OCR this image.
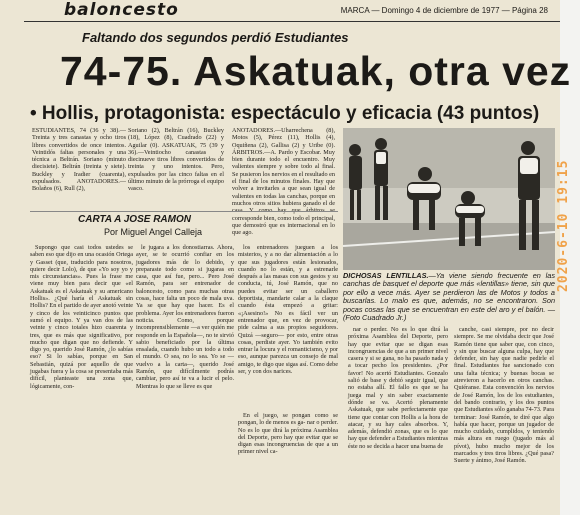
2020-6-10 19:15
baloncesto	MARCA — Domingo 4 de diciembre de 1977 — Página 28
Faltando dos segundos perdió Estudiantes
74-75. Askatuak, otra vez
• Hollis, protagonista: espectáculo y eficacia (43 puntos)

ESTUDIANTES, 74 (36 y 38).—Treinta y tres canastas y ocho tiros libres convertidos de once intentos. Veintidós faltas personales y una técnica a Beltrán. Soriano (minuto diecisiete). Beltrán (treinta y siete). Buckley y Iradier (cuarenta), expulsados. ANOTADORES.—Bolaños (6), Rull (2),

Soriano (2), Beltrán (16), Buckley (18), López (8), Cuadrado (22) y Aguilar (0). ASKATUAK, 75 (39 y 36).—Veintiocho canastas y diecinueve tiros libres convertidos de treinta y uno intentos. Pero, expulsados por las cinco faltas en el último minuto de la prórroga el equipo vasco.

ANOTADORES.—Uharrechena (8), Motos (5), Pérez (11), Hollis (4), Oquiñena (2), Gallisa (2) y Uribe (0). ÁRBITROS.—A. Pardo y Escobar. Muy bien durante todo el encuentro. Muy valientes siempre y sobre todo al final. Se pusieron los nervios en el resultado en el final de los minutos finales. Hay que volver a invitarles a que sean igual de valientes en todas las canchas, porque en muchos otros sitios hubiera ganado el de corresponde bien, como todo el principal, que demostró que es internacional en lo que ago.

DICHOSAS LENTILLAS.—Ya viene siendo frecuente en las canchas de basquet el deporte que más «lentillas» tiene, sin que por ello a vece más. Ayer se perdieron las de Motos y todos a buscarlas. Lo malo es que, además, no se encontraron. Son pocas cosas las que se encuentran en este del aro y el balón. — (Foto Cuadrado Jr.)
CARTA A JOSE RAMON
Por Miguel Angel Calleja

Supongo que casi todos ustedes se saben eso que dijo en una ocasión Ortega y Gasset (que, traducido para nosotros, quiere decir Lolo), de que «Yo soy yo y mis circunstancias». Pues la frase me viene muy bien para decir que «el Askatuak es el Askatuak y su americano Hollis». ¿Qué haría el Askatuak sin Hollis? En el partido de ayer anotó veinte y cinco de los veinticinco puntos que sumó el equipo. Y ya van dos de las veinte y cinco totales hizo cuarenta y tres, que es más que significativo, por mucho que digan que no defiende. Y digo yo, querido José Ramón, ¿lo sabías eso? Si lo sabías, porque en San Sebastián, quizá por aquello de que jugabas fuera y la cosa se presentaba más difícil, planteaste una zona que, lógicamente, con-

le jugara a los donostiarras. Ahora, ayer, se te ocurrió confiar en los jugadores más de lo debido, y preparaste todo como si jugaras en casa, que así fue, pero... Pero José Ramón, para ser entrenador de baloncesto, como para muchas otras cosas, hace falta un poco de mala uva. Ya se que hay que hacer. Es el problema. Ayer los entrenadores fueron noticia. Como, porque incomprensiblemente —a ver quién me responde en la Española—, no te sirvió sabio beneficiado por la última ensalada, cuando hubo un todo a todo el mundo. O sea, no lo sea. Yo se —vuelvo a la carta—, querido José Ramón, que difícilmente podrás cambiar, pero así te va a lucir el pelo. Mientras lo que se lleve es que

los entrenadores jueguen a los misterios, y a no dar alimentación a lo que sus jugadores están lesionados, cuando no lo están, y a estrenarle después a las masas con sus gestos y su conducta, tú, José Ramón, que no puedes evitar ser un caballero deportista, mandarte calar a la claque cuando ésta empezó a gritar: «¡Asesino!» No es fácil ver un entrenador que, en vez de provocar, pide calma a sus propios seguidores. Quizá —seguro— por esto, entre otras cosas, perdiste ayer. Yo también evito entrar la locura y el romanticismo, y por eso, aunque parezca un consejo de mal amigo, te digo que sigas así. Como debe ser, y con dos narices.

En el juego, se pongan como se pongan, lo de menos es ga- nar o perder. No es lo que dirá la próxima Asamblea del Deporte, pero hay que evitar que se digan esas incongruencias de que a un primer nivel ca-

nar o perder. No es lo que dirá la próxima Asamblea del Deporte, pero hay que evitar que se digan esas incongruencias de que a un primer nivel casera y si se gana, no ha pasado nada y a tocar pecho los presidentes. ¿Por favor! No acertó Estudiantes. Gonzalo salió de base y debió seguir igual, que no estaba allí. El fallo es que se ha juega mal y sin saber exactamente dónde se va. Acertó plenamente Askatuak, que sabe perfectamente que tiene que contar con Hollis a la hora de atacar, y su hay cales absorbos. Y, además, defendió zonas, que es lo que hay que defender a Estudiantes mientras éste no se decida a hacer una buena de

canche, casi siempre, por no decir siempre. Se me olvidaba decir que José Ramón tiene que saber que, con cinco, y sin que buscar alguna culpa, hay que defender, sin hay que nadie pedirle el final. Estudiantes fue sancionado con una falta técnica; y buenas bocas se atrevieron a hacerlo en otros canchas. Quiéranse. Esta convención los nervios de José Ramón, los de los estudiantes, del bando contrario, y los dos puntos que Estudiantes sólo ganaba 74-73. Para terminar: José Ramón, te diré que algo había que hacer, porque un jugador de mucho cuidado, cumplidos, y teniendo más altura en ruego (jugado más al pívot), hubo mucho mejor de los marcados y tres tiros libres. ¿Qué pasa? Suerte y ánimo, José Ramón.
